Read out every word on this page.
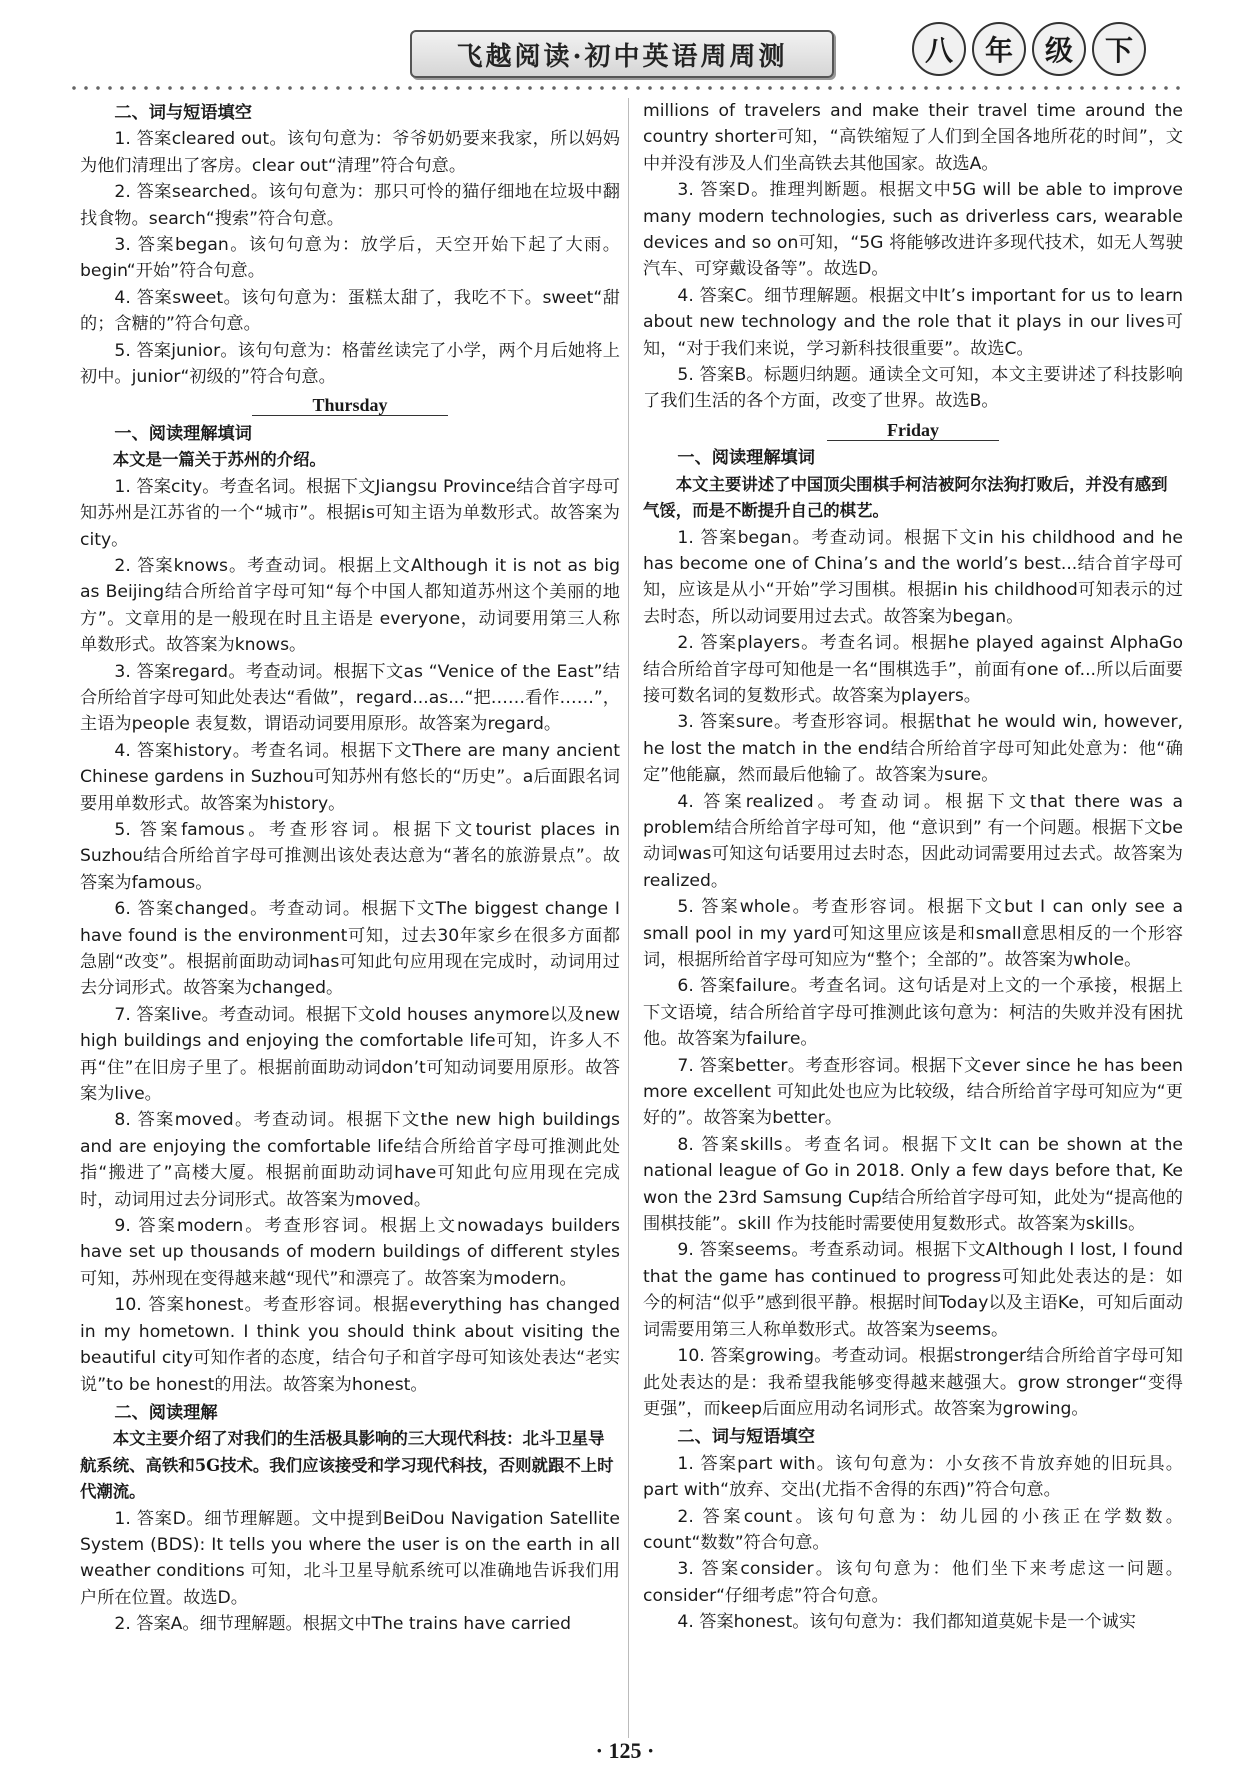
飞越阅读·初中英语周周测	八	年	级	下

二、词与短语填空

1. 答案cleared out。该句句意为：爷爷奶奶要来我家，所以妈妈为他们清理出了客房。clear out“清理”符合句意。

2. 答案searched。该句句意为：那只可怜的猫仔细地在垃圾中翻找食物。search“搜索”符合句意。

3. 答案began。该句句意为：放学后，天空开始下起了大雨。begin“开始”符合句意。

4. 答案sweet。该句句意为：蛋糕太甜了，我吃不下。sweet“甜的；含糖的”符合句意。

5. 答案junior。该句句意为：格蕾丝读完了小学，两个月后她将上初中。junior“初级的”符合句意。

Thursday

一、阅读理解填词

本文是一篇关于苏州的介绍。

1. 答案city。考查名词。根据下文Jiangsu Province结合首字母可知苏州是江苏省的一个“城市”。根据is可知主语为单数形式。故答案为city。

2. 答案knows。考查动词。根据上文Although it is not as big as Beijing结合所给首字母可知“每个中国人都知道苏州这个美丽的地方”。文章用的是一般现在时且主语是 everyone，动词要用第三人称单数形式。故答案为knows。

3. 答案regard。考查动词。根据下文as “Venice of the East”结合所给首字母可知此处表达“看做”，regard...as...“把……看作……”，主语为people 表复数，谓语动词要用原形。故答案为regard。

4. 答案history。考查名词。根据下文There are many ancient Chinese gardens in Suzhou可知苏州有悠长的“历史”。a后面跟名词要用单数形式。故答案为history。

5. 答案famous。考查形容词。根据下文tourist places in Suzhou结合所给首字母可推测出该处表达意为“著名的旅游景点”。故答案为famous。

6. 答案changed。考查动词。根据下文The biggest change I have found is the environment可知，过去30年家乡在很多方面都急剧“改变”。根据前面助动词has可知此句应用现在完成时，动词用过去分词形式。故答案为changed。

7. 答案live。考查动词。根据下文old houses anymore以及new high buildings and enjoying the comfortable life可知，许多人不再“住”在旧房子里了。根据前面助动词don’t可知动词要用原形。故答案为live。

8. 答案moved。考查动词。根据下文the new high buildings and are enjoying the comfortable life结合所给首字母可推测此处指“搬进了”高楼大厦。根据前面助动词have可知此句应用现在完成时，动词用过去分词形式。故答案为moved。

9. 答案modern。考查形容词。根据上文nowadays builders have set up thousands of modern buildings of different styles可知，苏州现在变得越来越“现代”和漂亮了。故答案为modern。

10. 答案honest。考查形容词。根据everything has changed in my hometown. I think you should think about visiting the beautiful city可知作者的态度，结合句子和首字母可知该处表达“老实说”to be honest的用法。故答案为honest。

二、阅读理解

本文主要介绍了对我们的生活极具影响的三大现代科技：北斗卫星导航系统、高铁和5G技术。我们应该接受和学习现代科技，否则就跟不上时代潮流。

1. 答案D。细节理解题。文中提到BeiDou Navigation Satellite System (BDS): It tells you where the user is on the earth in all weather conditions 可知，北斗卫星导航系统可以准确地告诉我们用户所在位置。故选D。

2. 答案A。细节理解题。根据文中The trains have carried

millions of travelers and make their travel time around the country shorter可知，“高铁缩短了人们到全国各地所花的时间”，文中并没有涉及人们坐高铁去其他国家。故选A。

3. 答案D。推理判断题。根据文中5G will be able to improve many modern technologies, such as driverless cars, wearable devices and so on可知，“5G 将能够改进许多现代技术，如无人驾驶汽车、可穿戴设备等”。故选D。

4. 答案C。细节理解题。根据文中It’s important for us to learn about new technology and the role that it plays in our lives可知，“对于我们来说，学习新科技很重要”。故选C。

5. 答案B。标题归纳题。通读全文可知，本文主要讲述了科技影响了我们生活的各个方面，改变了世界。故选B。

Friday

一、阅读理解填词

本文主要讲述了中国顶尖围棋手柯洁被阿尔法狗打败后，并没有感到气馁，而是不断提升自己的棋艺。

1. 答案began。考查动词。根据下文in his childhood and he has become one of China’s and the world’s best...结合首字母可知，应该是从小“开始”学习围棋。根据in his childhood可知表示的过去时态，所以动词要用过去式。故答案为began。

2. 答案players。考查名词。根据he played against AlphaGo结合所给首字母可知他是一名“围棋选手”，前面有one of...所以后面要接可数名词的复数形式。故答案为players。

3. 答案sure。考查形容词。根据that he would win, however, he lost the match in the end结合所给首字母可知此处意为：他“确定”他能赢，然而最后他输了。故答案为sure。

4. 答案realized。考查动词。根据下文that there was a problem结合所给首字母可知，他 “意识到” 有一个问题。根据下文be动词was可知这句话要用过去时态，因此动词需要用过去式。故答案为realized。

5. 答案whole。考查形容词。根据下文but I can only see a small pool in my yard可知这里应该是和small意思相反的一个形容词，根据所给首字母可知应为“整个；全部的”。故答案为whole。

6. 答案failure。考查名词。这句话是对上文的一个承接，根据上下文语境，结合所给首字母可推测此该句意为：柯洁的失败并没有困扰他。故答案为failure。

7. 答案better。考查形容词。根据下文ever since he has been more excellent 可知此处也应为比较级，结合所给首字母可知应为“更好的”。故答案为better。

8. 答案skills。考查名词。根据下文It can be shown at the national league of Go in 2018. Only a few days before that, Ke won the 23rd Samsung Cup结合所给首字母可知，此处为“提高他的围棋技能”。skill 作为技能时需要使用复数形式。故答案为skills。

9. 答案seems。考查系动词。根据下文Although I lost, I found that the game has continued to progress可知此处表达的是：如今的柯洁“似乎”感到很平静。根据时间Today以及主语Ke，可知后面动词需要用第三人称单数形式。故答案为seems。

10. 答案growing。考查动词。根据stronger结合所给首字母可知此处表达的是：我希望我能够变得越来越强大。grow stronger“变得更强”，而keep后面应用动名词形式。故答案为growing。

二、词与短语填空

1. 答案part with。该句句意为：小女孩不肯放弃她的旧玩具。part with“放弃、交出(尤指不舍得的东西)”符合句意。

2. 答案count。该句句意为：幼儿园的小孩正在学数数。count“数数”符合句意。

3. 答案consider。该句句意为：他们坐下来考虑这一问题。consider“仔细考虑”符合句意。

4. 答案honest。该句句意为：我们都知道莫妮卡是一个诚实

· 125 ·
